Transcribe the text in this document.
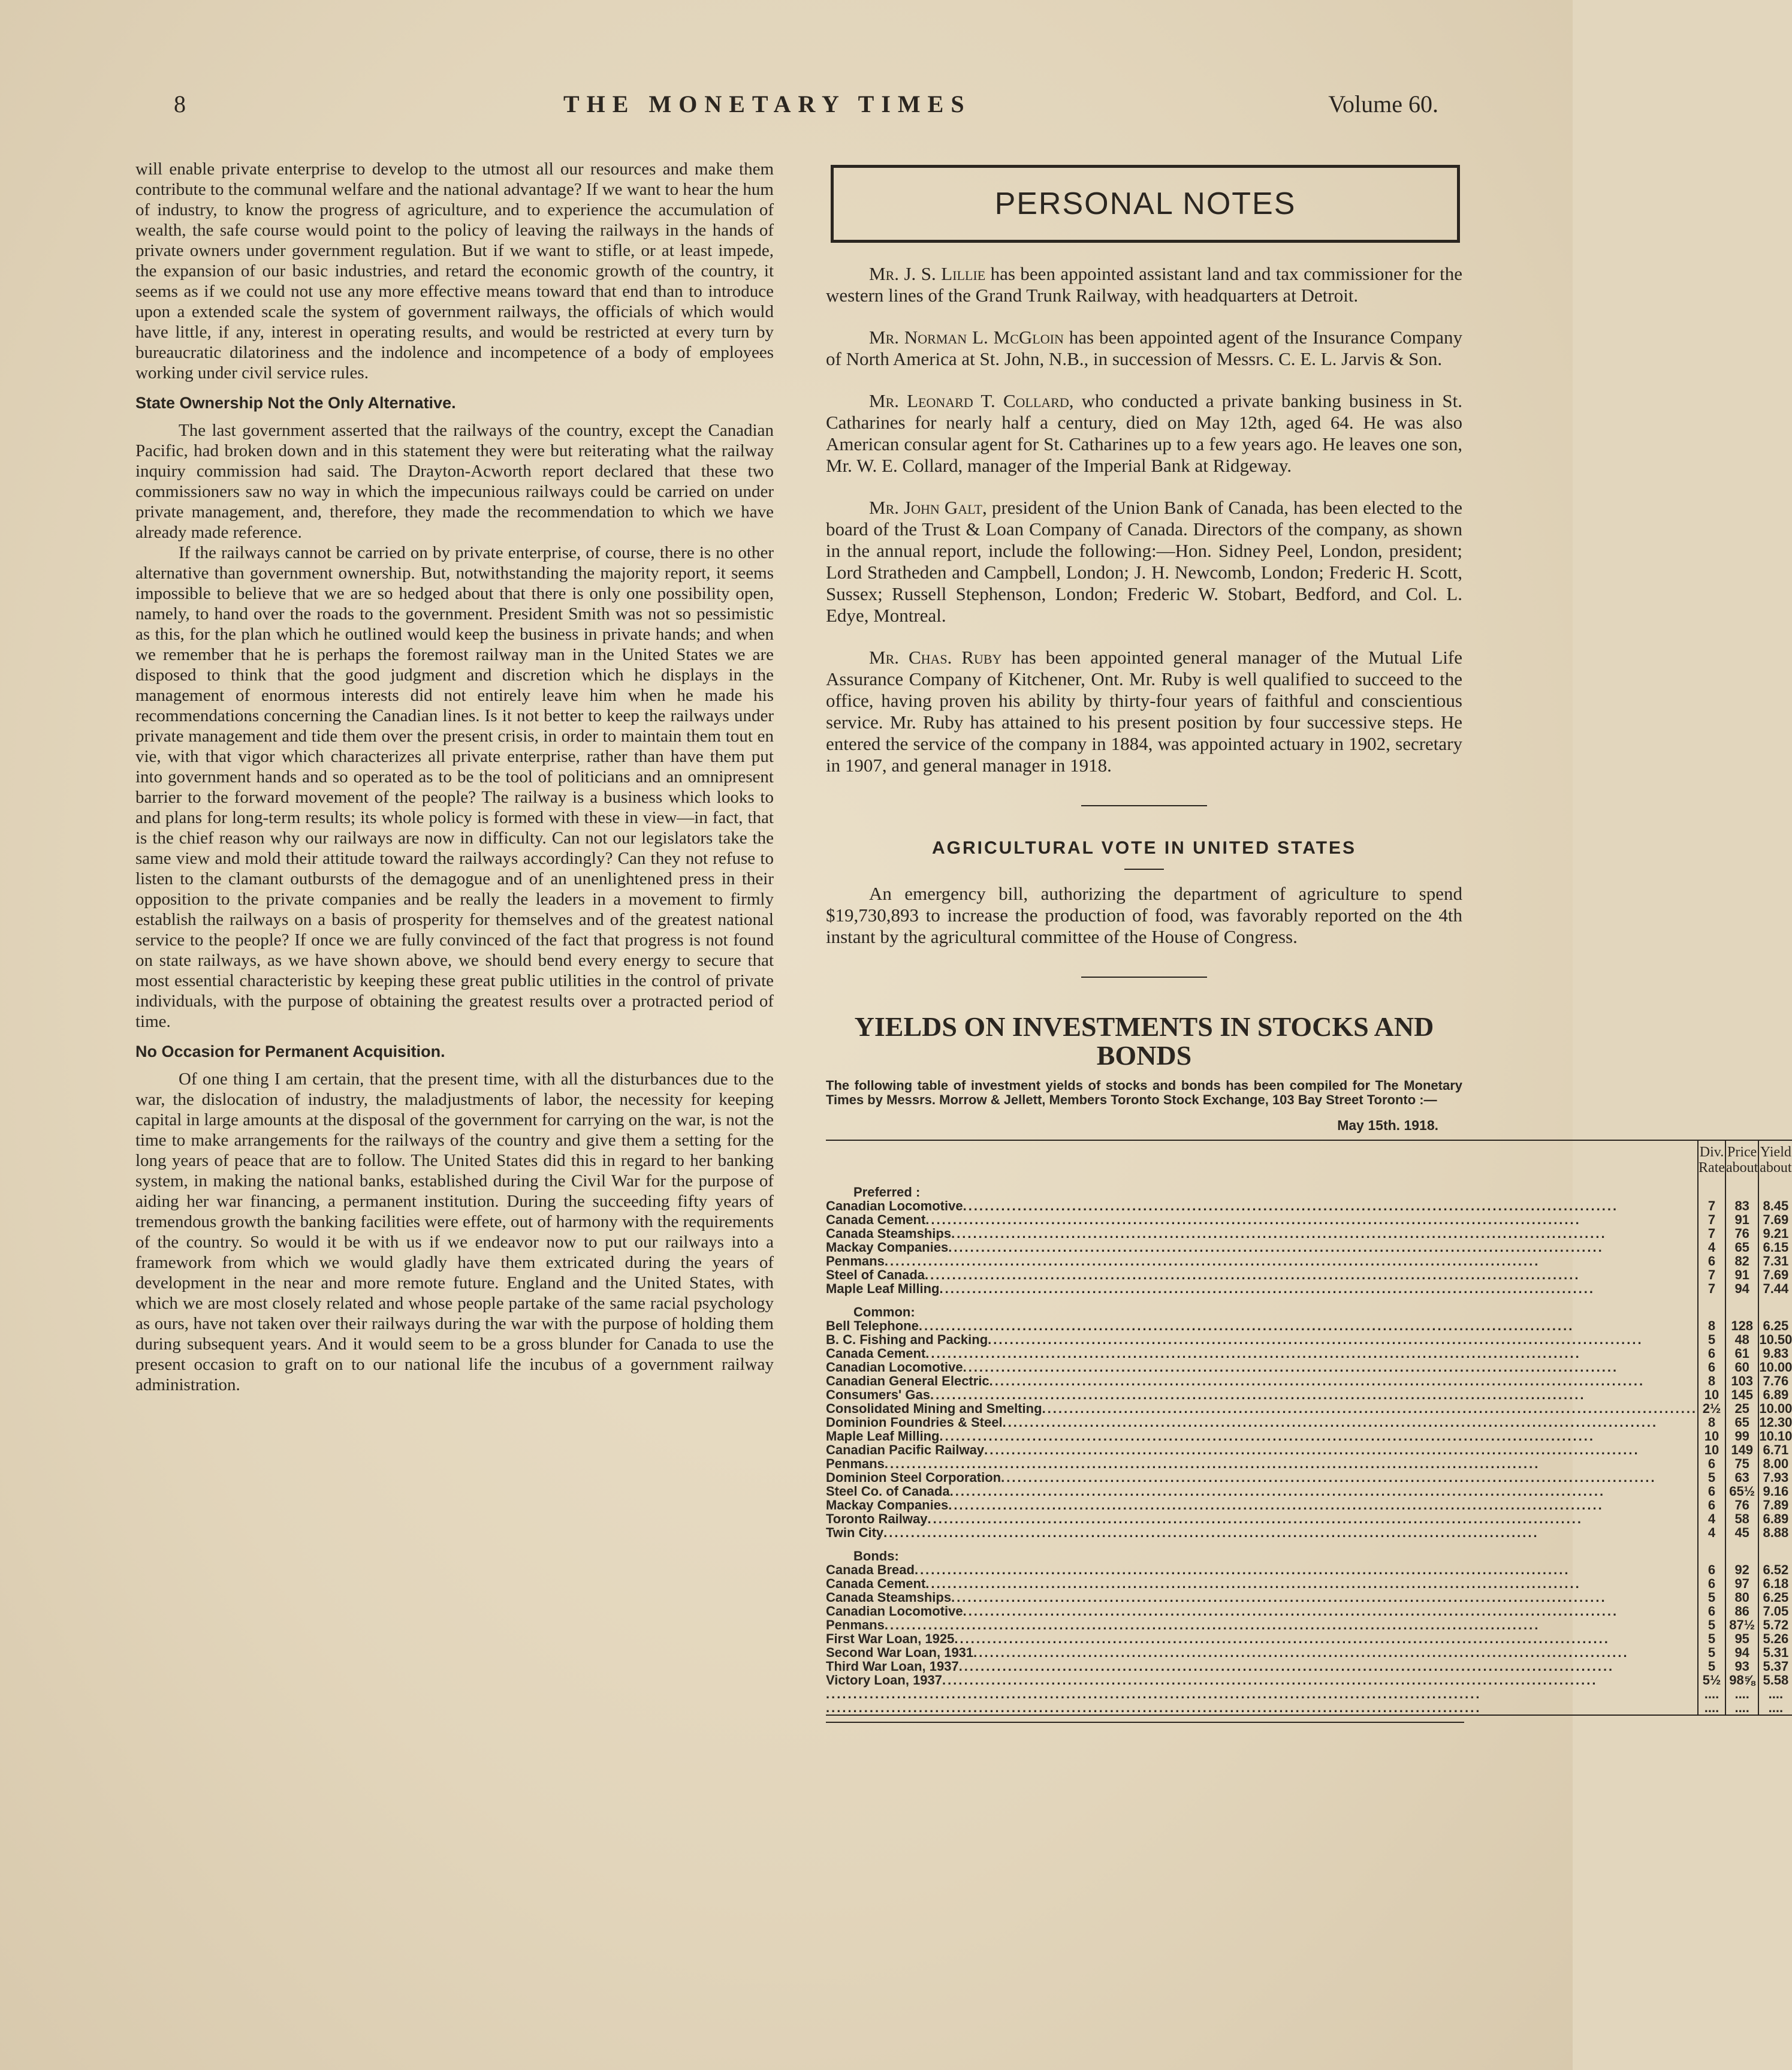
8	THE MONETARY TIMES	Volume 60.

will enable private enterprise to develop to the utmost all our resources and make them contribute to the communal welfare and the national advantage? If we want to hear the hum of industry, to know the progress of agriculture, and to experience the accumulation of wealth, the safe course would point to the policy of leaving the railways in the hands of private owners under government regulation. But if we want to stifle, or at least impede, the expansion of our basic industries, and retard the economic growth of the country, it seems as if we could not use any more effective means toward that end than to introduce upon a extended scale the system of government railways, the officials of which would have little, if any, interest in operating results, and would be restricted at every turn by bureaucratic dilatoriness and the indolence and incompetence of a body of employees working under civil service rules.

State Ownership Not the Only Alternative.

The last government asserted that the railways of the country, except the Canadian Pacific, had broken down and in this statement they were but reiterating what the railway inquiry commission had said. The Drayton-Acworth report declared that these two commissioners saw no way in which the impecunious railways could be carried on under private management, and, therefore, they made the recommendation to which we have already made reference.

If the railways cannot be carried on by private enterprise, of course, there is no other alternative than government ownership. But, notwithstanding the majority report, it seems impossible to believe that we are so hedged about that there is only one possibility open, namely, to hand over the roads to the government. President Smith was not so pessimistic as this, for the plan which he outlined would keep the business in private hands; and when we remember that he is perhaps the foremost railway man in the United States we are disposed to think that the good judgment and discretion which he displays in the management of enormous interests did not entirely leave him when he made his recommendations concerning the Canadian lines. Is it not better to keep the railways under private management and tide them over the present crisis, in order to maintain them tout en vie, with that vigor which characterizes all private enterprise, rather than have them put into government hands and so operated as to be the tool of politicians and an omnipresent barrier to the forward movement of the people? The railway is a business which looks to and plans for long-term results; its whole policy is formed with these in view—in fact, that is the chief reason why our railways are now in difficulty. Can not our legislators take the same view and mold their attitude toward the railways accordingly? Can they not refuse to listen to the clamant outbursts of the demagogue and of an unenlightened press in their opposition to the private companies and be really the leaders in a movement to firmly establish the railways on a basis of prosperity for themselves and of the greatest national service to the people? If once we are fully convinced of the fact that progress is not found on state railways, as we have shown above, we should bend every energy to secure that most essential characteristic by keeping these great public utilities in the control of private individuals, with the purpose of obtaining the greatest results over a protracted period of time.

No Occasion for Permanent Acquisition.

Of one thing I am certain, that the present time, with all the disturbances due to the war, the dislocation of industry, the maladjustments of labor, the necessity for keeping capital in large amounts at the disposal of the government for carrying on the war, is not the time to make arrangements for the railways of the country and give them a setting for the long years of peace that are to follow. The United States did this in regard to her banking system, in making the national banks, established during the Civil War for the purpose of aiding her war financing, a permanent institution. During the succeeding fifty years of tremendous growth the banking facilities were effete, out of harmony with the requirements of the country. So would it be with us if we endeavor now to put our railways into a framework from which we would gladly have them extricated during the years of development in the near and more remote future. England and the United States, with which we are most closely related and whose people partake of the same racial psychology as ours, have not taken over their railways during the war with the purpose of holding them during subsequent years. And it would seem to be a gross blunder for Canada to use the present occasion to graft on to our national life the incubus of a government railway administration.

PERSONAL NOTES

Mr. J. S. Lillie has been appointed assistant land and tax commissioner for the western lines of the Grand Trunk Railway, with headquarters at Detroit.

Mr. Norman L. McGloin has been appointed agent of the Insurance Company of North America at St. John, N.B., in succession of Messrs. C. E. L. Jarvis & Son.

Mr. Leonard T. Collard, who conducted a private banking business in St. Catharines for nearly half a century, died on May 12th, aged 64. He was also American consular agent for St. Catharines up to a few years ago. He leaves one son, Mr. W. E. Collard, manager of the Imperial Bank at Ridgeway.

Mr. John Galt, president of the Union Bank of Canada, has been elected to the board of the Trust & Loan Company of Canada. Directors of the company, as shown in the annual report, include the following:—Hon. Sidney Peel, London, president; Lord Stratheden and Campbell, London; J. H. Newcomb, London; Frederic H. Scott, Sussex; Russell Stephenson, London; Frederic W. Stobart, Bedford, and Col. L. Edye, Montreal.

Mr. Chas. Ruby has been appointed general manager of the Mutual Life Assurance Company of Kitchener, Ont. Mr. Ruby is well qualified to succeed to the office, having proven his ability by thirty-four years of faithful and conscientious service. Mr. Ruby has attained to his present position by four successive steps. He entered the service of the company in 1884, was appointed actuary in 1902, secretary in 1907, and general manager in 1918.

AGRICULTURAL VOTE IN UNITED STATES

An emergency bill, authorizing the department of agriculture to spend $19,730,893 to increase the production of food, was favorably reported on the 4th instant by the agricultural committee of the House of Congress.

YIELDS ON INVESTMENTS IN STOCKS AND BONDS
The following table of investment yields of stocks and bonds has been compiled for The Monetary Times by Messrs. Morrow & Jellett, Members Toronto Stock Exchange, 103 Bay Street Toronto :—
May 15th. 1918.
	Div. Rate	Price about	Yield about
Preferred :			

Canadian Locomotive ........................................................................................................................	7	83	8.45

Canada Cement ........................................................................................................................	7	91	7.69

Canada Steamships ........................................................................................................................	7	76	9.21

Mackay Companies ........................................................................................................................	4	65	6.15

Penmans ........................................................................................................................	6	82	7.31

Steel of Canada ........................................................................................................................	7	91	7.69

Maple Leaf Milling ........................................................................................................................	7	94	7.44
Common:			

Bell Telephone ........................................................................................................................	8	128	6.25

B. C. Fishing and Packing ........................................................................................................................	5	48	10.50

Canada Cement ........................................................................................................................	6	61	9.83

Canadian Locomotive ........................................................................................................................	6	60	10.00

Canadian General Electric ........................................................................................................................	8	103	7.76

Consumers' Gas ........................................................................................................................	10	145	6.89

Consolidated Mining and Smelting ........................................................................................................................	2½	25	10.00

Dominion Foundries & Steel ........................................................................................................................	8	65	12.30

Maple Leaf Milling ........................................................................................................................	10	99	10.10

Canadian Pacific Railway ........................................................................................................................	10	149	6.71

Penmans ........................................................................................................................	6	75	8.00

Dominion Steel Corporation ........................................................................................................................	5	63	7.93

Steel Co. of Canada ........................................................................................................................	6	65½	9.16

Mackay Companies ........................................................................................................................	6	76	7.89

Toronto Railway ........................................................................................................................	4	58	6.89

Twin City ........................................................................................................................	4	45	8.88
Bonds:			

Canada Bread ........................................................................................................................	6	92	6.52

Canada Cement ........................................................................................................................	6	97	6.18

Canada Steamships ........................................................................................................................	5	80	6.25

Canadian Locomotive ........................................................................................................................	6	86	7.05

Penmans ........................................................................................................................	5	87½	5.72

First War Loan, 1925 ........................................................................................................................	5	95	5.26

Second War Loan, 1931 ........................................................................................................................	5	94	5.31

Third War Loan, 1937 ........................................................................................................................	5	93	5.37

Victory Loan, 1937 ........................................................................................................................	5½	98⅝	5.58

........................................................................................................................	....	....	....

........................................................................................................................	....	....	....
